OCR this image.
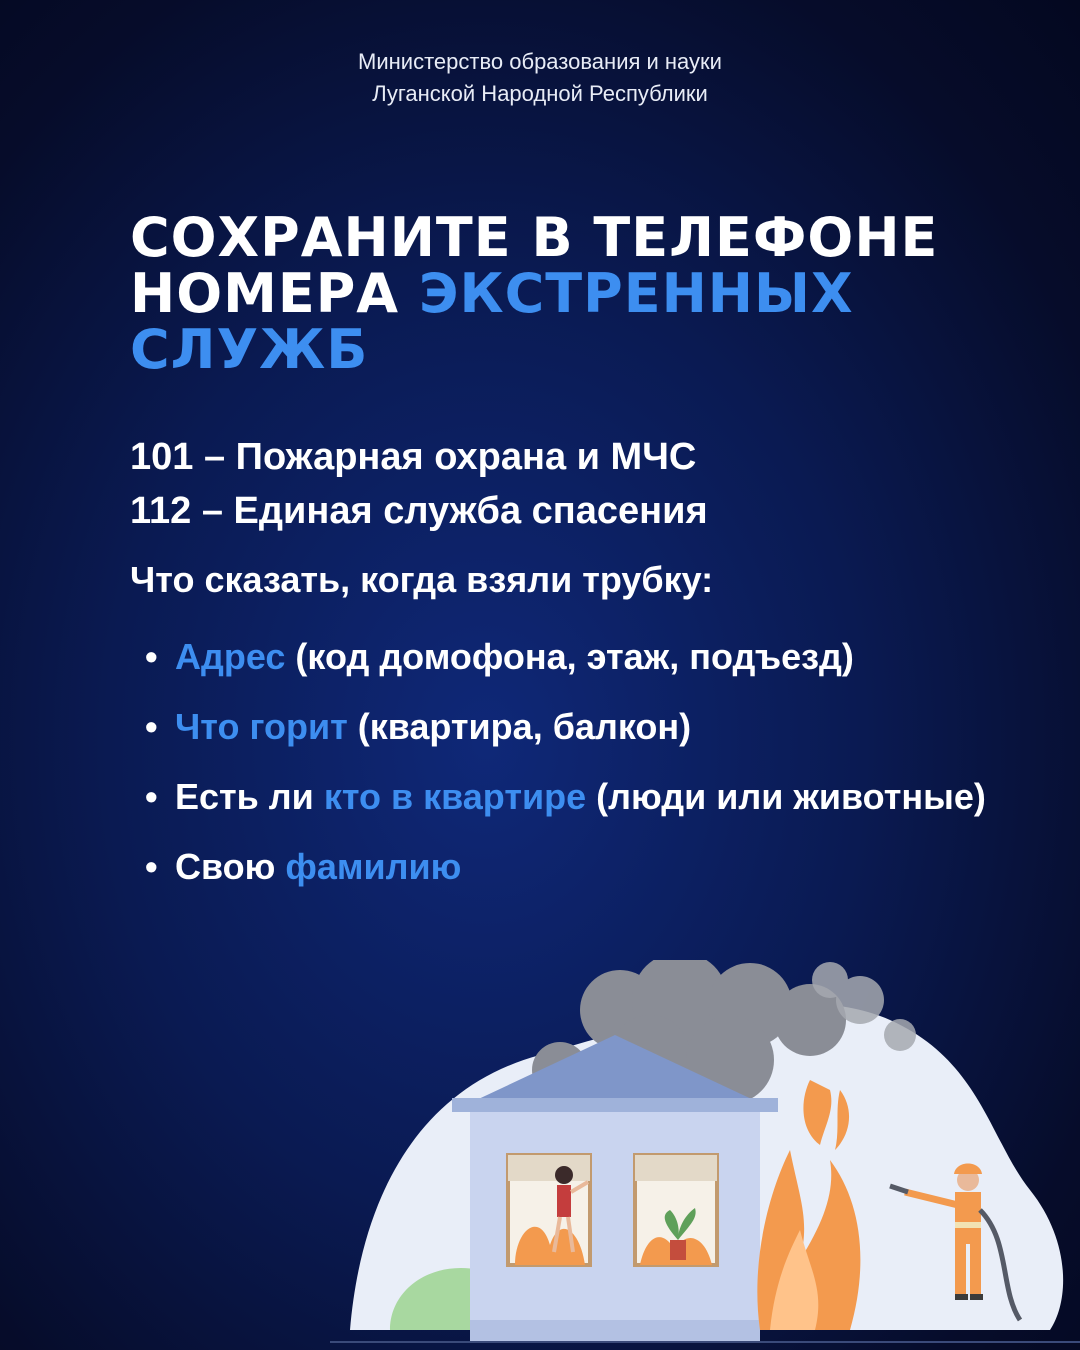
Министерство образования и науки
Луганской Народной Республики
СОХРАНИТЕ В ТЕЛЕФОНЕ
НОМЕРА ЭКСТРЕННЫХ
СЛУЖБ
101 – Пожарная охрана и МЧС
112 – Единая служба спасения
Что сказать, когда взяли трубку:
• Адрес (код домофона, этаж, подъезд)
• Что горит (квартира, балкон)
• Есть ли кто в квартире (люди или животные)
• Свою фамилию
